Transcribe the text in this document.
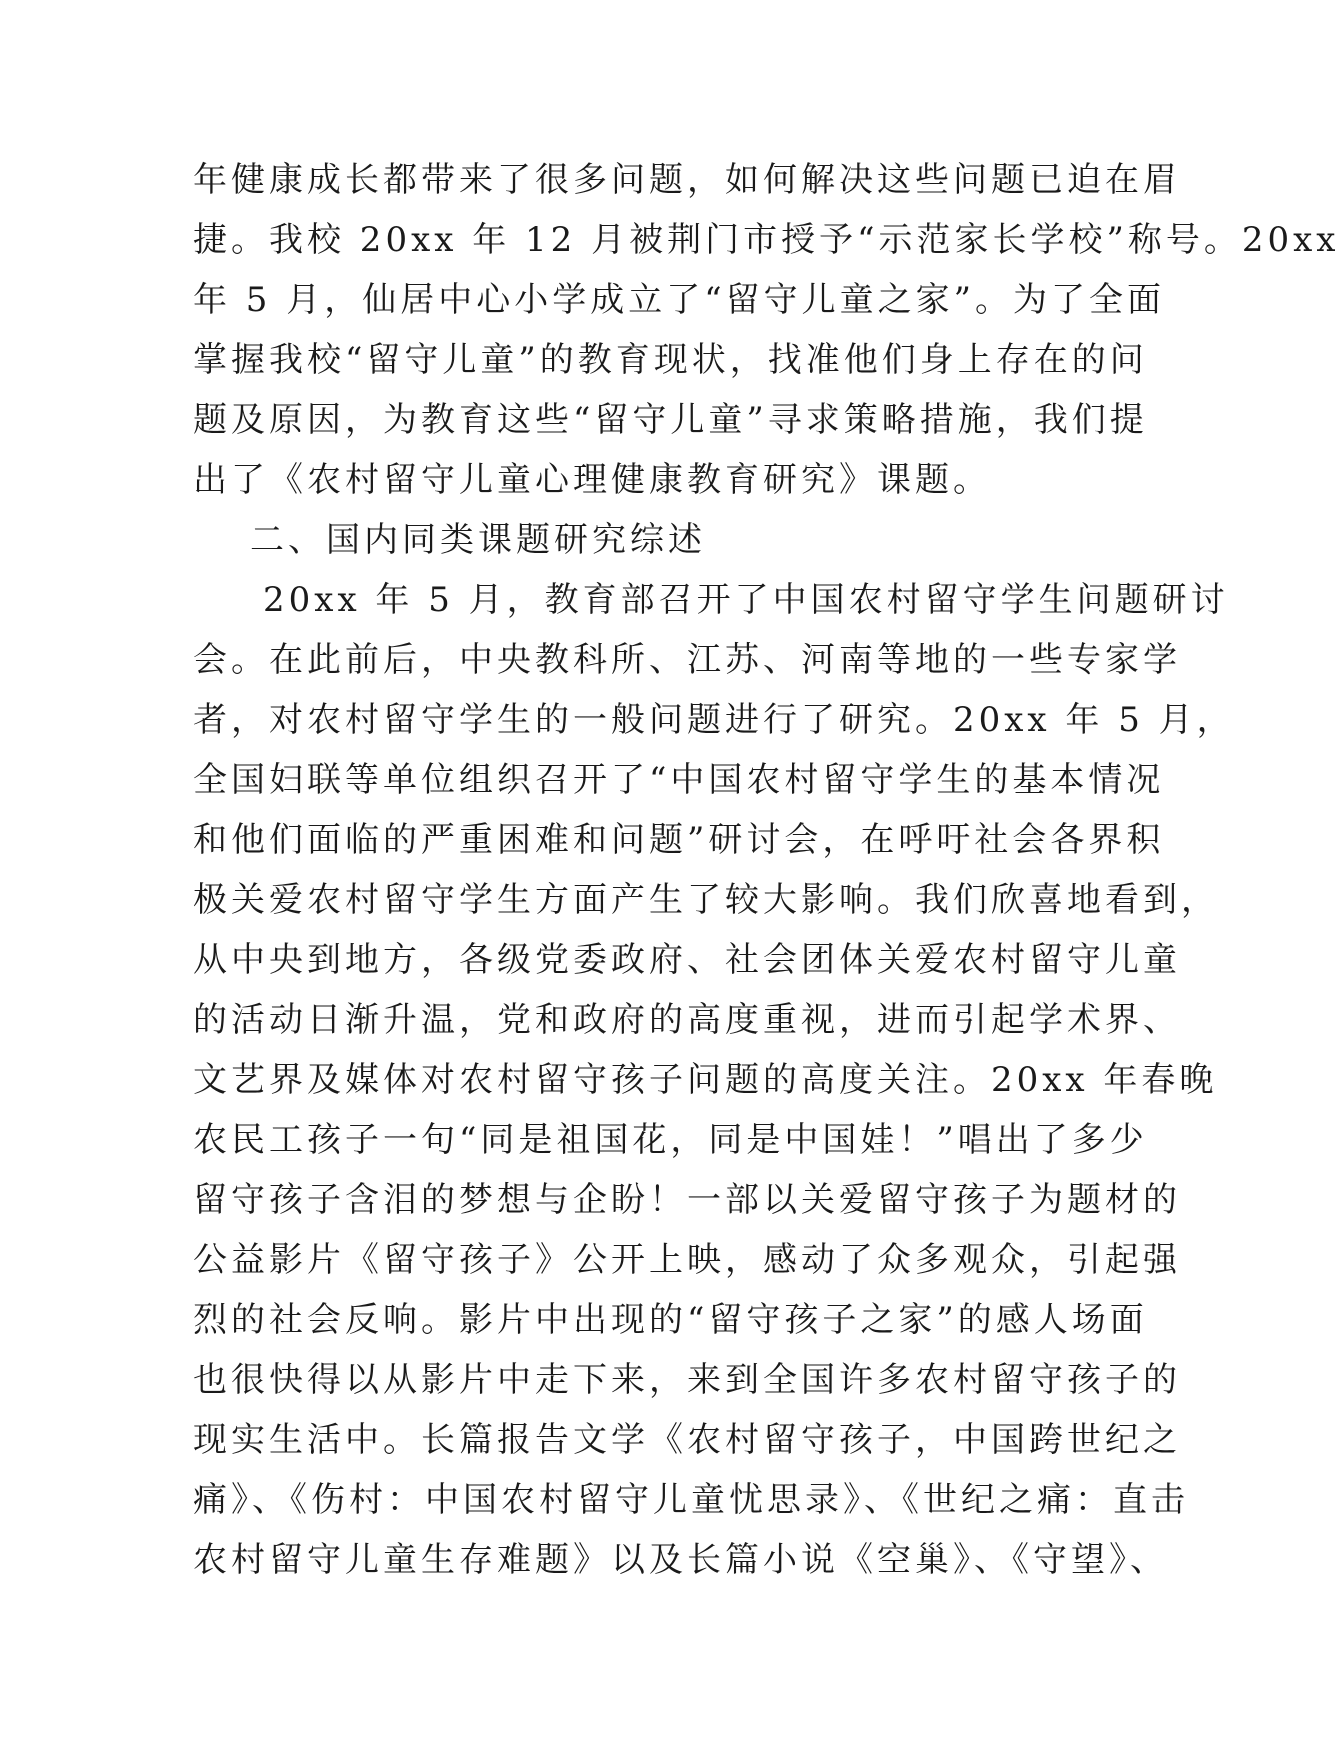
年健康成长都带来了很多问题，如何解决这些问题已迫在眉
捷。我校 20xx 年 12 月被荆门市授予“示范家长学校”称号。20xx
年 5 月，仙居中心小学成立了“留守儿童之家”。为了全面
掌握我校“留守儿童”的教育现状，找准他们身上存在的问
题及原因，为教育这些“留守儿童”寻求策略措施，我们提
出了《农村留守儿童心理健康教育研究》课题。
二、国内同类课题研究综述
20xx 年 5 月，教育部召开了中国农村留守学生问题研讨
会。在此前后，中央教科所、江苏、河南等地的一些专家学
者，对农村留守学生的一般问题进行了研究。20xx 年 5 月，
全国妇联等单位组织召开了“中国农村留守学生的基本情况
和他们面临的严重困难和问题”研讨会，在呼吁社会各界积
极关爱农村留守学生方面产生了较大影响。我们欣喜地看到，
从中央到地方，各级党委政府、社会团体关爱农村留守儿童
的活动日渐升温，党和政府的高度重视，进而引起学术界、
文艺界及媒体对农村留守孩子问题的高度关注。20xx 年春晚
农民工孩子一句“同是祖国花，同是中国娃！”唱出了多少
留守孩子含泪的梦想与企盼！一部以关爱留守孩子为题材的
公益影片《留守孩子》公开上映，感动了众多观众，引起强
烈的社会反响。影片中出现的“留守孩子之家”的感人场面
也很快得以从影片中走下来，来到全国许多农村留守孩子的
现实生活中。长篇报告文学《农村留守孩子，中国跨世纪之
痛》、《伤村：中国农村留守儿童忧思录》、《世纪之痛：直击
农村留守儿童生存难题》以及长篇小说《空巢》、《守望》、
